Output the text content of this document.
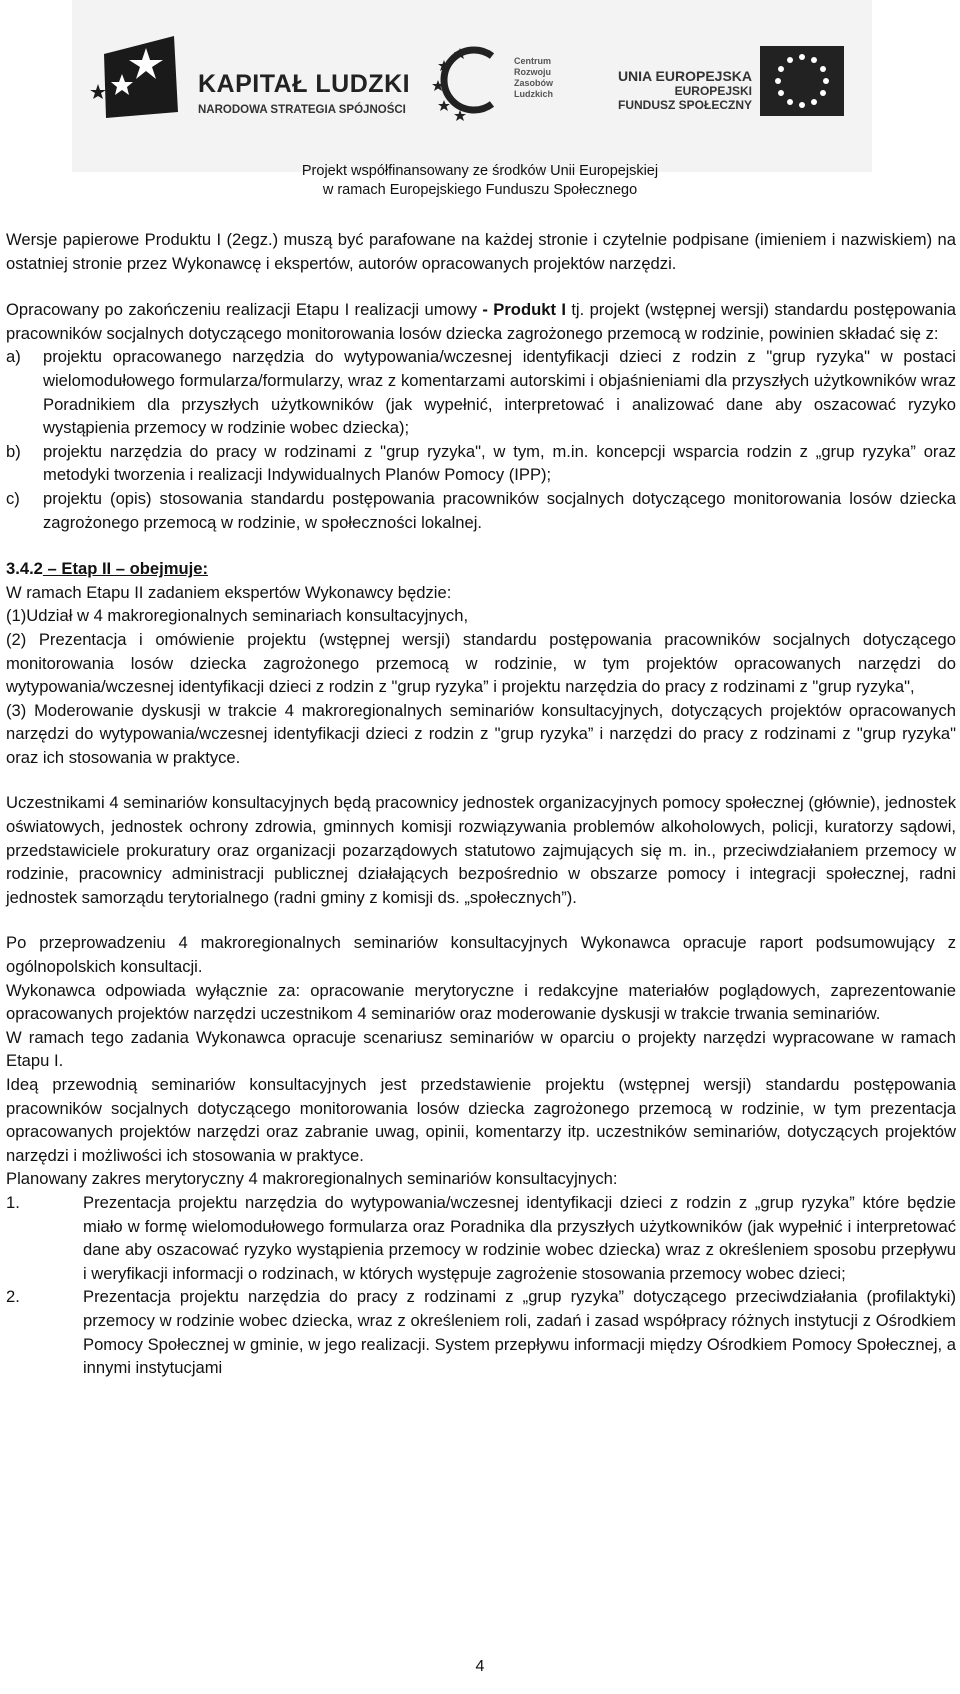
KAPITAŁ LUDZKI
NARODOWA STRATEGIA SPÓJNOŚCI
Centrum
Rozwoju
Zasobów
Ludzkich
UNIA EUROPEJSKA
EUROPEJSKI
FUNDUSZ SPOŁECZNY
Projekt współfinansowany ze środków Unii Europejskiej
w ramach Europejskiego Funduszu Społecznego

Wersje papierowe Produktu I (2egz.) muszą być parafowane na każdej stronie i czytelnie podpisane (imieniem i nazwiskiem) na ostatniej stronie przez Wykonawcę i ekspertów, autorów opracowanych projektów narzędzi.

Opracowany po zakończeniu realizacji Etapu I realizacji umowy - Produkt I tj. projekt (wstępnej wersji) standardu postępowania pracowników socjalnych dotyczącego monitorowania losów dziecka zagrożonego przemocą w rodzinie, powinien składać się z:

a)	projektu opracowanego narzędzia do wytypowania/wczesnej identyfikacji dzieci z rodzin z "grup ryzyka" w postaci wielomodułowego formularza/formularzy, wraz z komentarzami autorskimi i objaśnieniami dla przyszłych użytkowników wraz Poradnikiem dla przyszłych użytkowników (jak wypełnić, interpretować i analizować dane aby oszacować ryzyko wystąpienia przemocy w rodzinie wobec dziecka);
b)	projektu narzędzia do pracy w rodzinami z "grup ryzyka", w tym, m.in. koncepcji wsparcia rodzin z „grup ryzyka” oraz metodyki tworzenia i realizacji Indywidualnych Planów Pomocy (IPP);
c)	projektu (opis) stosowania standardu postępowania pracowników socjalnych dotyczącego monitorowania losów dziecka zagrożonego przemocą w rodzinie, w społeczności lokalnej.

3.4.2 – Etap II – obejmuje:

W ramach Etapu II zadaniem ekspertów Wykonawcy będzie:

(1)Udział w 4 makroregionalnych seminariach konsultacyjnych,

(2) Prezentacja i omówienie projektu (wstępnej wersji) standardu postępowania pracowników socjalnych dotyczącego monitorowania losów dziecka zagrożonego przemocą w rodzinie, w tym projektów opracowanych narzędzi do wytypowania/wczesnej identyfikacji dzieci z rodzin z "grup ryzyka” i projektu narzędzia do pracy z rodzinami z "grup ryzyka",

(3) Moderowanie dyskusji w trakcie 4 makroregionalnych seminariów konsultacyjnych, dotyczących projektów opracowanych narzędzi do wytypowania/wczesnej identyfikacji dzieci z rodzin z "grup ryzyka” i narzędzi do pracy z rodzinami z "grup ryzyka" oraz ich stosowania w praktyce.

Uczestnikami 4 seminariów konsultacyjnych będą pracownicy jednostek organizacyjnych pomocy społecznej (głównie), jednostek oświatowych, jednostek ochrony zdrowia, gminnych komisji rozwiązywania problemów alkoholowych, policji, kuratorzy sądowi, przedstawiciele prokuratury oraz organizacji pozarządowych statutowo zajmujących się m. in., przeciwdziałaniem przemocy w rodzinie, pracownicy administracji publicznej działających bezpośrednio w obszarze pomocy i integracji społecznej, radni jednostek samorządu terytorialnego (radni gminy z komisji ds. „społecznych”).

Po przeprowadzeniu 4 makroregionalnych seminariów konsultacyjnych Wykonawca opracuje raport podsumowujący z ogólnopolskich konsultacji.

Wykonawca odpowiada wyłącznie za: opracowanie merytoryczne i redakcyjne materiałów poglądowych, zaprezentowanie opracowanych projektów narzędzi uczestnikom 4 seminariów oraz moderowanie dyskusji w trakcie trwania seminariów.

W ramach tego zadania Wykonawca opracuje scenariusz seminariów w oparciu o projekty narzędzi wypracowane w ramach Etapu I.

Ideą przewodnią seminariów konsultacyjnych jest przedstawienie projektu (wstępnej wersji) standardu postępowania pracowników socjalnych dotyczącego monitorowania losów dziecka zagrożonego przemocą w rodzinie, w tym prezentacja opracowanych projektów narzędzi oraz zabranie uwag, opinii, komentarzy itp. uczestników seminariów, dotyczących projektów narzędzi i możliwości ich stosowania w praktyce.

Planowany zakres merytoryczny 4 makroregionalnych seminariów konsultacyjnych:

1.	Prezentacja projektu narzędzia do wytypowania/wczesnej identyfikacji dzieci z rodzin z „grup ryzyka” które będzie miało w formę wielomodułowego formularza oraz Poradnika dla przyszłych użytkowników (jak wypełnić i interpretować dane aby oszacować ryzyko wystąpienia przemocy w rodzinie wobec dziecka) wraz z określeniem sposobu przepływu i weryfikacji informacji o rodzinach, w których występuje zagrożenie stosowania przemocy wobec dzieci;
2.	Prezentacja projektu narzędzia do pracy z rodzinami z „grup ryzyka” dotyczącego przeciwdziałania (profilaktyki) przemocy w rodzinie wobec dziecka, wraz z określeniem roli, zadań i zasad współpracy różnych instytucji z Ośrodkiem Pomocy Społecznej w gminie, w jego realizacji. System przepływu informacji między Ośrodkiem Pomocy Społecznej, a innymi instytucjami
4
